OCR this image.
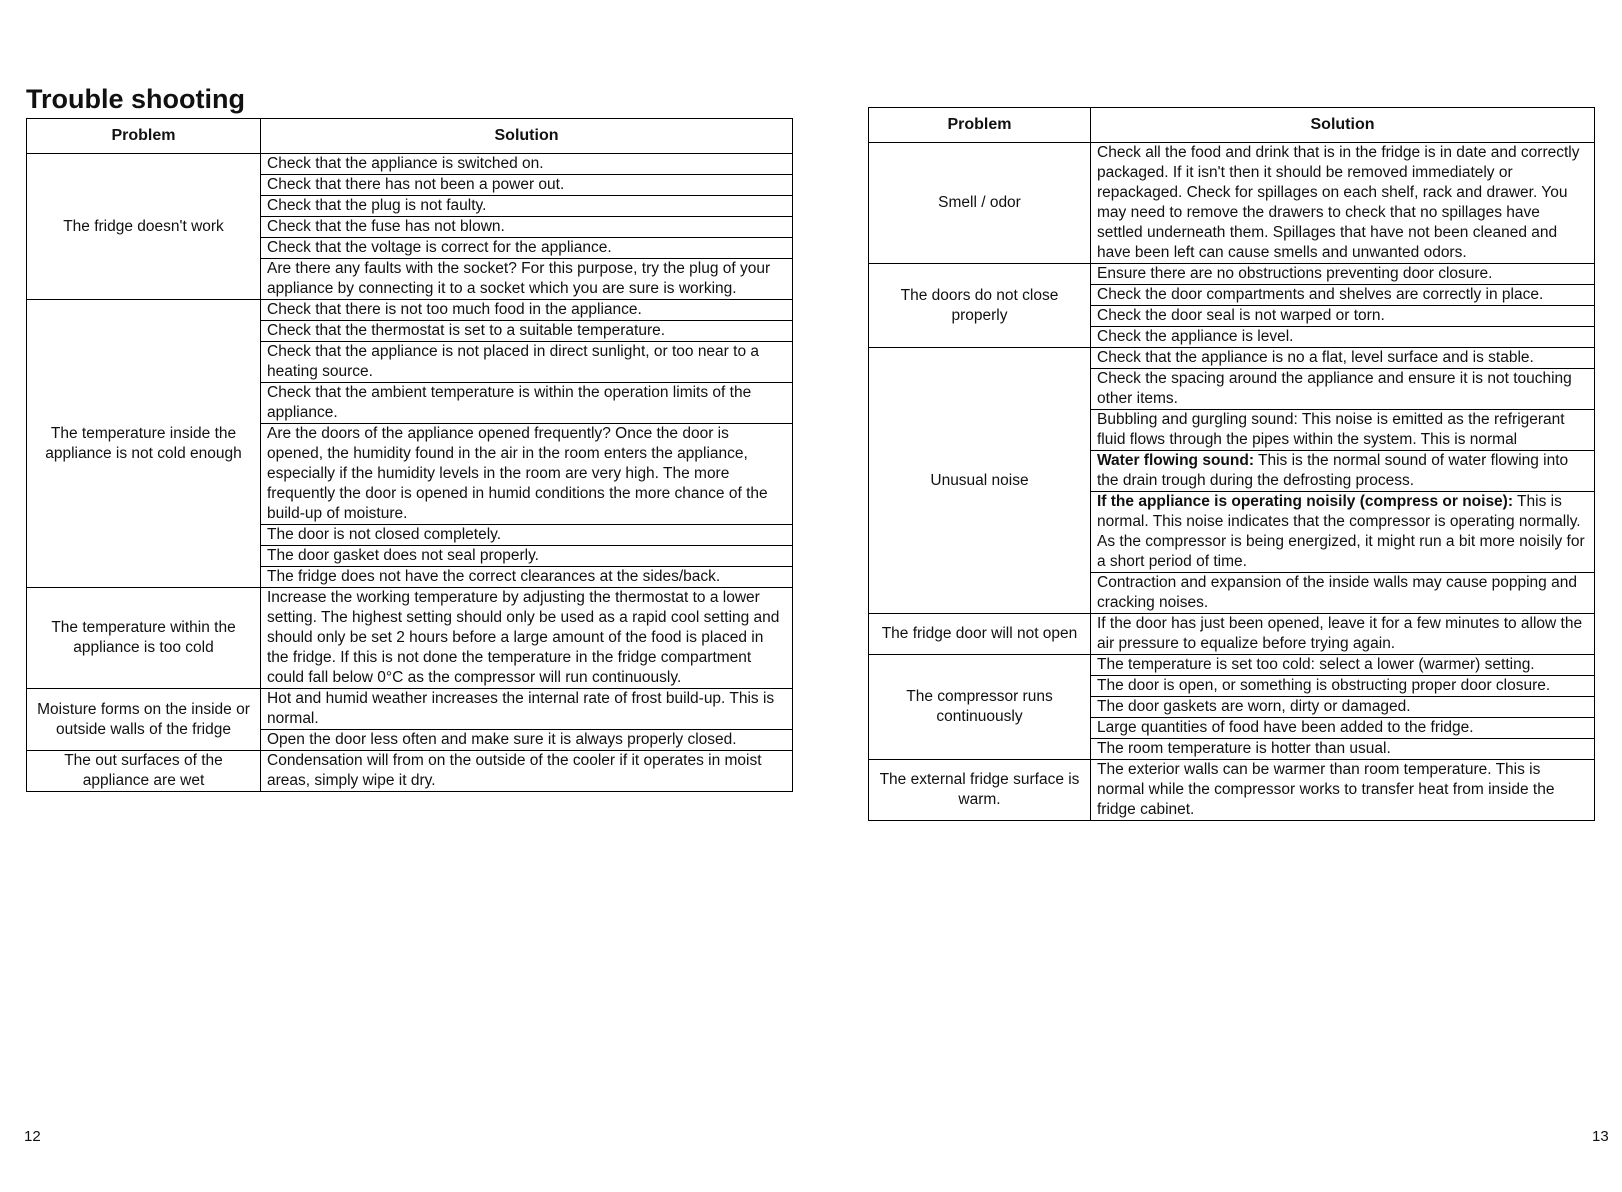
Trouble shooting
Problem	Solution
The fridge doesn't work	Check that the appliance is switched on.
	Check that there has not been a power out.
	Check that the plug is not faulty.
	Check that the fuse has not blown.
	Check that the voltage is correct for the appliance.
	Are there any faults with the socket? For this purpose, try the plug of your appliance by connecting it to a socket which you are sure is working.
The temperature inside the appliance is not cold enough	Check that there is not too much food in the appliance.
	Check that the thermostat is set to a suitable temperature.
	Check that the appliance is not placed in direct sunlight, or too near to a heating source.
	Check that the ambient temperature is within the operation limits of the appliance.
	Are the doors of the appliance opened frequently? Once the door is opened, the humidity found in the air in the room enters the appliance, especially if the humidity levels in the room are very high. The more frequently the door is opened in humid conditions the more chance of the build-up of moisture.
	The door is not closed completely.
	The door gasket does not seal properly.
	The fridge does not have the correct clearances at the sides/back.
The temperature within the appliance is too cold	Increase the working temperature by adjusting the thermostat to a lower setting. The highest setting should only be used as a rapid cool setting and should only be set 2 hours before a large amount of the food is placed in the fridge. If this is not done the temperature in the fridge compartment could fall below 0°C as the compressor will run continuously.
Moisture forms on the inside or outside walls of the fridge	Hot and humid weather increases the internal rate of frost build-up. This is normal.
	Open the door less often and make sure it is always properly closed.
The out surfaces of the appliance are wet	Condensation will from on the outside of the cooler if it operates in moist areas, simply wipe it dry.
Problem	Solution
Smell / odor	Check all the food and drink that is in the fridge is in date and correctly packaged. If it isn't then it should be removed immediately or repackaged. Check for spillages on each shelf, rack and drawer. You may need to remove the drawers to check that no spillages have settled underneath them. Spillages that have not been cleaned and have been left can cause smells and unwanted odors.
The doors do not close properly	Ensure there are no obstructions preventing door closure.
	Check the door compartments and shelves are correctly in place.
	Check the door seal is not warped or torn.
	Check the appliance is level.
Unusual noise	Check that the appliance is no a flat, level surface and is stable.
	Check the spacing around the appliance and ensure it is not touching other items.
	Bubbling and gurgling sound: This noise is emitted as the refrigerant fluid flows through the pipes within the system. This is normal
	Water flowing sound: This is the normal sound of water flowing into the drain trough during the defrosting process.
	If the appliance is operating noisily (compress or noise): This is normal. This noise indicates that the compressor is operating normally. As the compressor is being energized, it might run a bit more noisily for a short period of time.
	Contraction and expansion of the inside walls may cause popping and cracking noises.
The fridge door will not open	If the door has just been opened, leave it for a few minutes to allow the air pressure to equalize before trying again.
The compressor runs continuously	The temperature is set too cold: select a lower (warmer) setting.
	The door is open, or something is obstructing proper door closure.
	The door gaskets are worn, dirty or damaged.
	Large quantities of food have been added to the fridge.
	The room temperature is hotter than usual.
The external fridge surface is warm.	The exterior walls can be warmer than room temperature. This is normal while the compressor works to transfer heat from inside the fridge cabinet.
12	13
